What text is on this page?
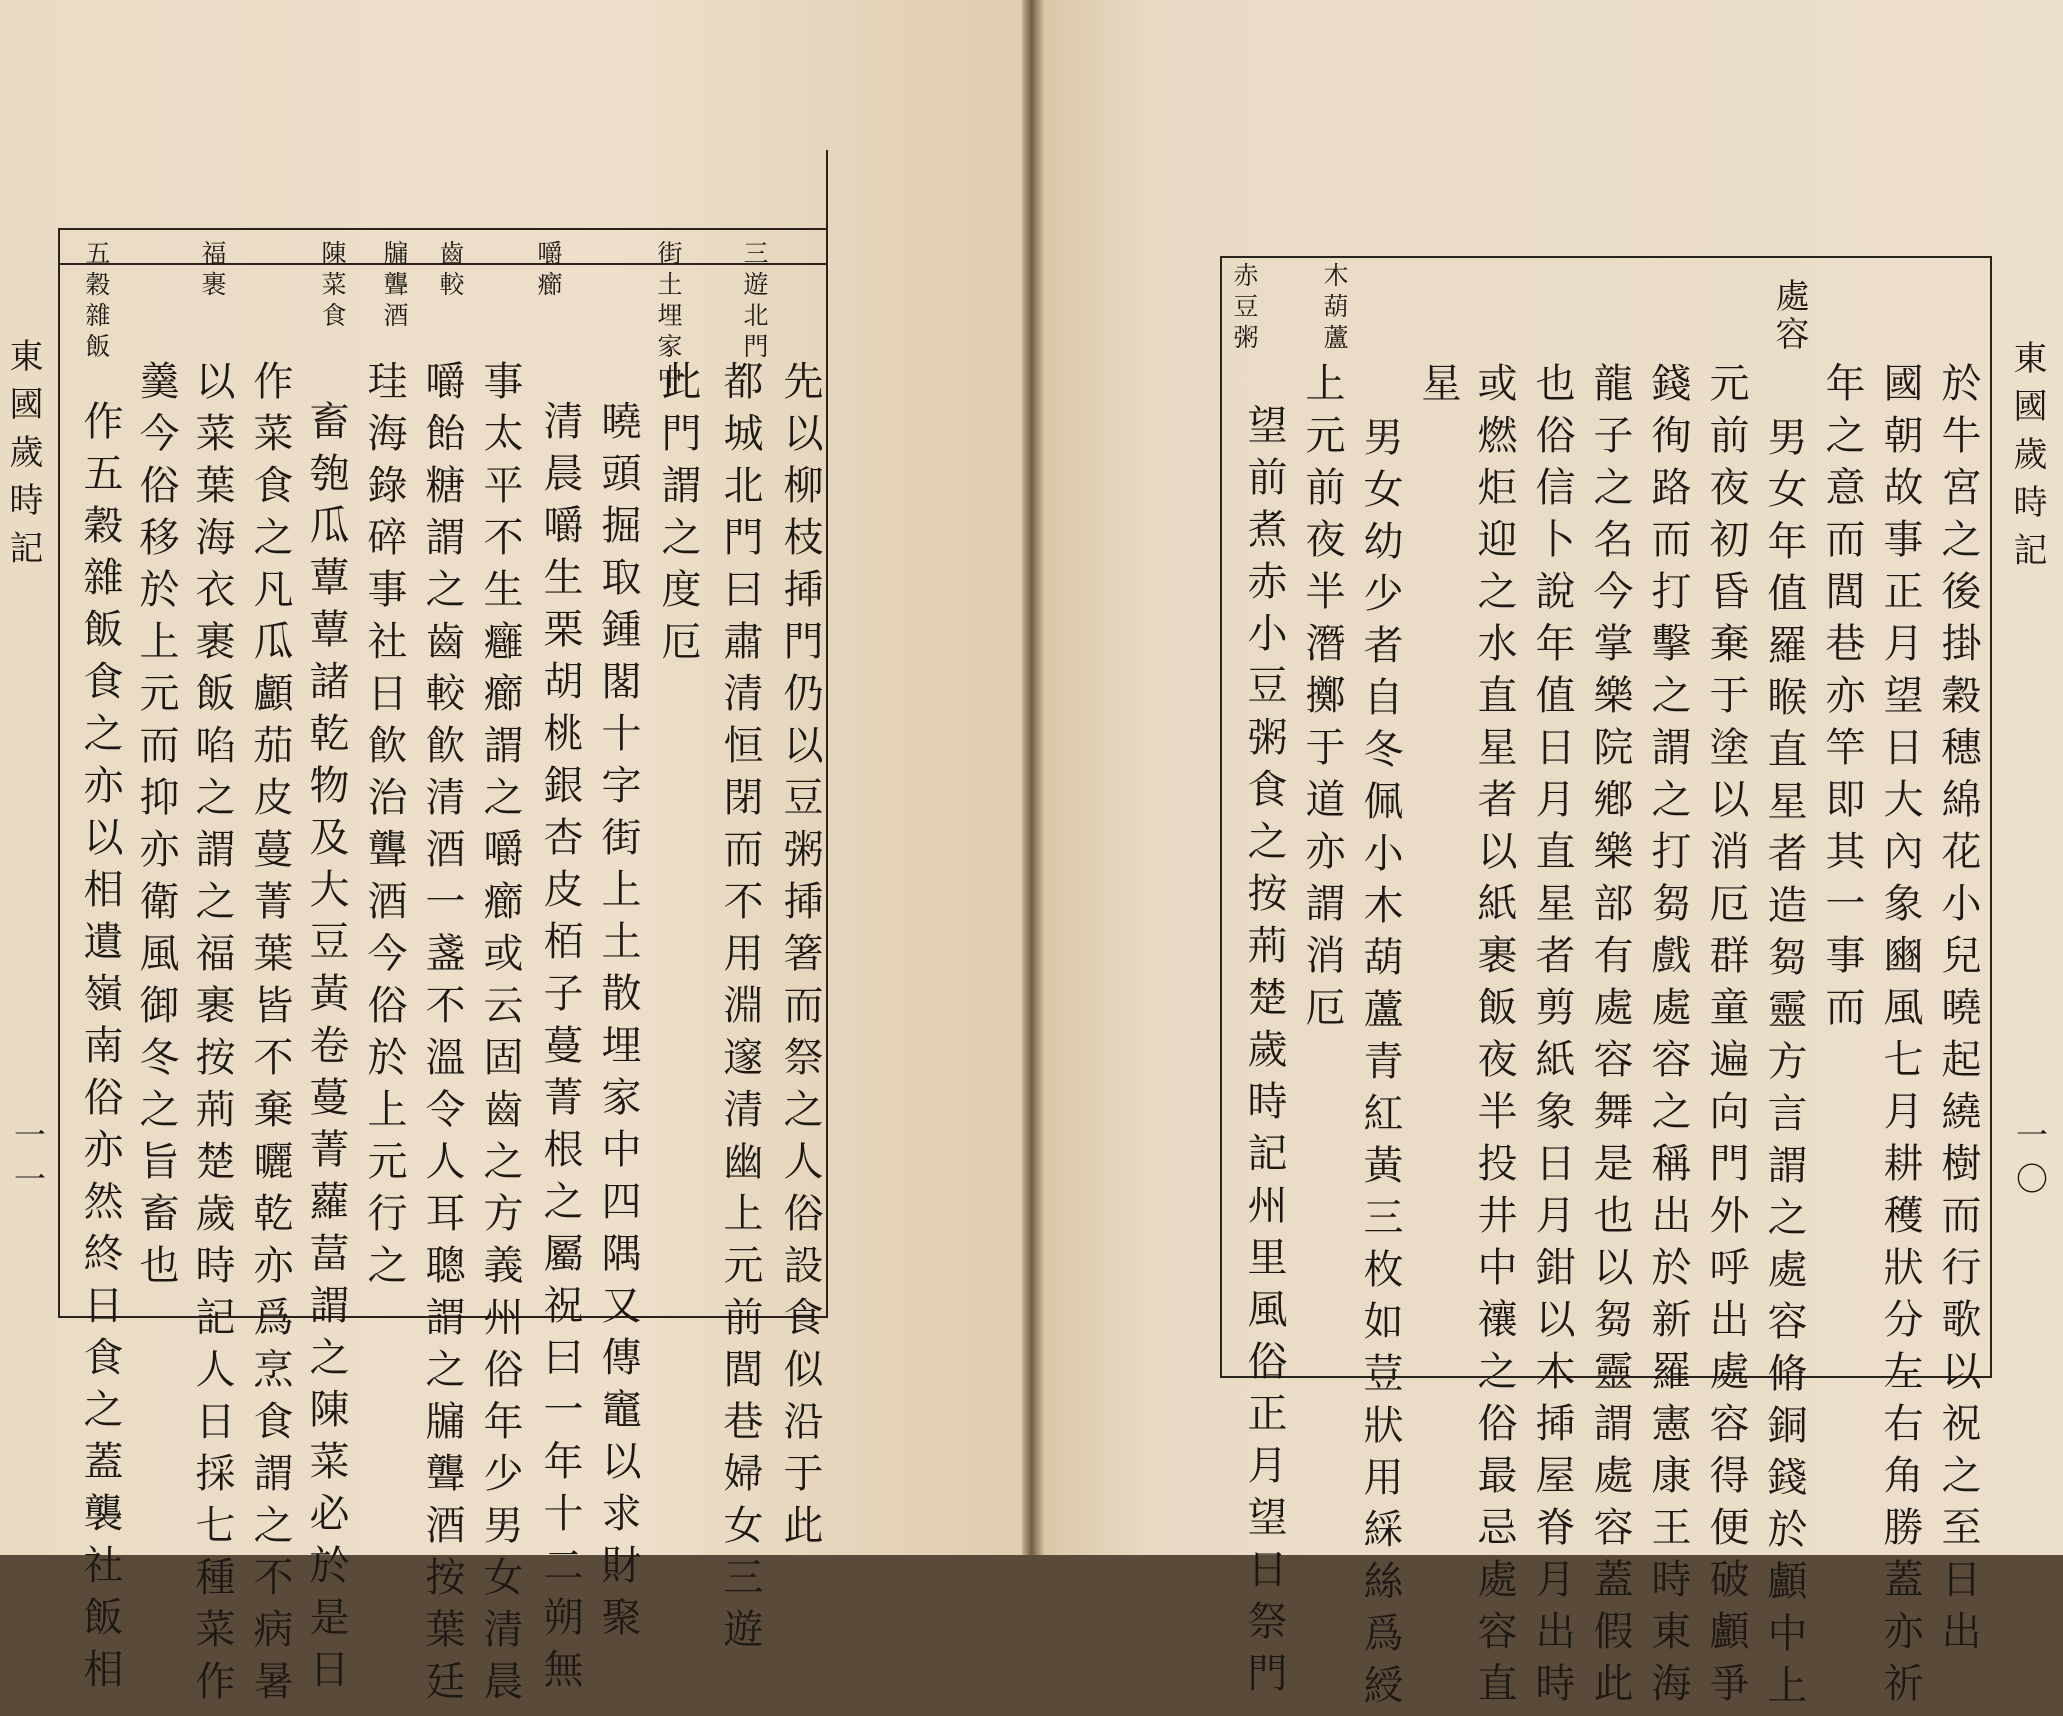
東國歲時記
一一
三遊北門
街土埋家中
嚼癤
齒較
牖聾酒
陳菜食
福裹
五穀雜飯
先以柳枝揷門仍以豆粥揷箸而祭之人俗設食似沿于此
都城北門曰肅清恒閉而不用淵邃清幽上元前閭巷婦女三遊
此門謂之度厄
曉頭掘取鍾閣十字街上土散埋家中四隅又傳竈以求財聚
清晨嚼生栗胡桃銀杏皮栢子蔓菁根之屬祝曰一年十二朔無
事太平不生癰癤謂之嚼癤或云固齒之方義州俗年少男女清晨
嚼飴糖謂之齒較飮清酒一盞不溫令人耳聰謂之牖聾酒按葉廷
珪海錄碎事社日飮治聾酒今俗於上元行之
畜匏瓜蕈蕈諸乾物及大豆黃卷蔓菁蘿葍謂之陳菜必於是日
作菜食之凡瓜顱茄皮蔓菁葉皆不棄曬乾亦爲烹食謂之不病暑
以菜葉海衣裹飯啗之謂之福裹按荊楚歲時記人日採七種菜作
羹今俗移於上元而抑亦衛風御冬之旨畜也
作五穀雜飯食之亦以相遺嶺南俗亦然終日食之蓋襲社飯相	東國歲時記
一〇
處容
木葫蘆
赤豆粥
於牛宮之後掛穀穗綿花小兒曉起繞樹而行歌以祝之至日出
國朝故事正月望日大內象豳風七月耕穫狀分左右角勝蓋亦祈
年之意而閭巷亦竿即其一事而
男女年值羅睺直星者造芻靈方言謂之處容脩銅錢於顱中上
元前夜初昏棄于塗以消厄群童遍向門外呼出處容得便破顱爭
錢徇路而打擊之謂之打芻戲處容之稱出於新羅憲康王時東海
龍子之名今掌樂院鄕樂部有處容舞是也以芻靈謂處容蓋假此
也俗信卜說年值日月直星者剪紙象日月鉗以木揷屋脊月出時
或燃炬迎之水直星者以紙裹飯夜半投井中禳之俗最忌處容直
星
男女幼少者自冬佩小木葫蘆青紅黃三枚如荳狀用綵絲爲綬
上元前夜半潛擲于道亦謂消厄
望前煮赤小豆粥食之按荊楚歲時記州里風俗正月望日祭門
